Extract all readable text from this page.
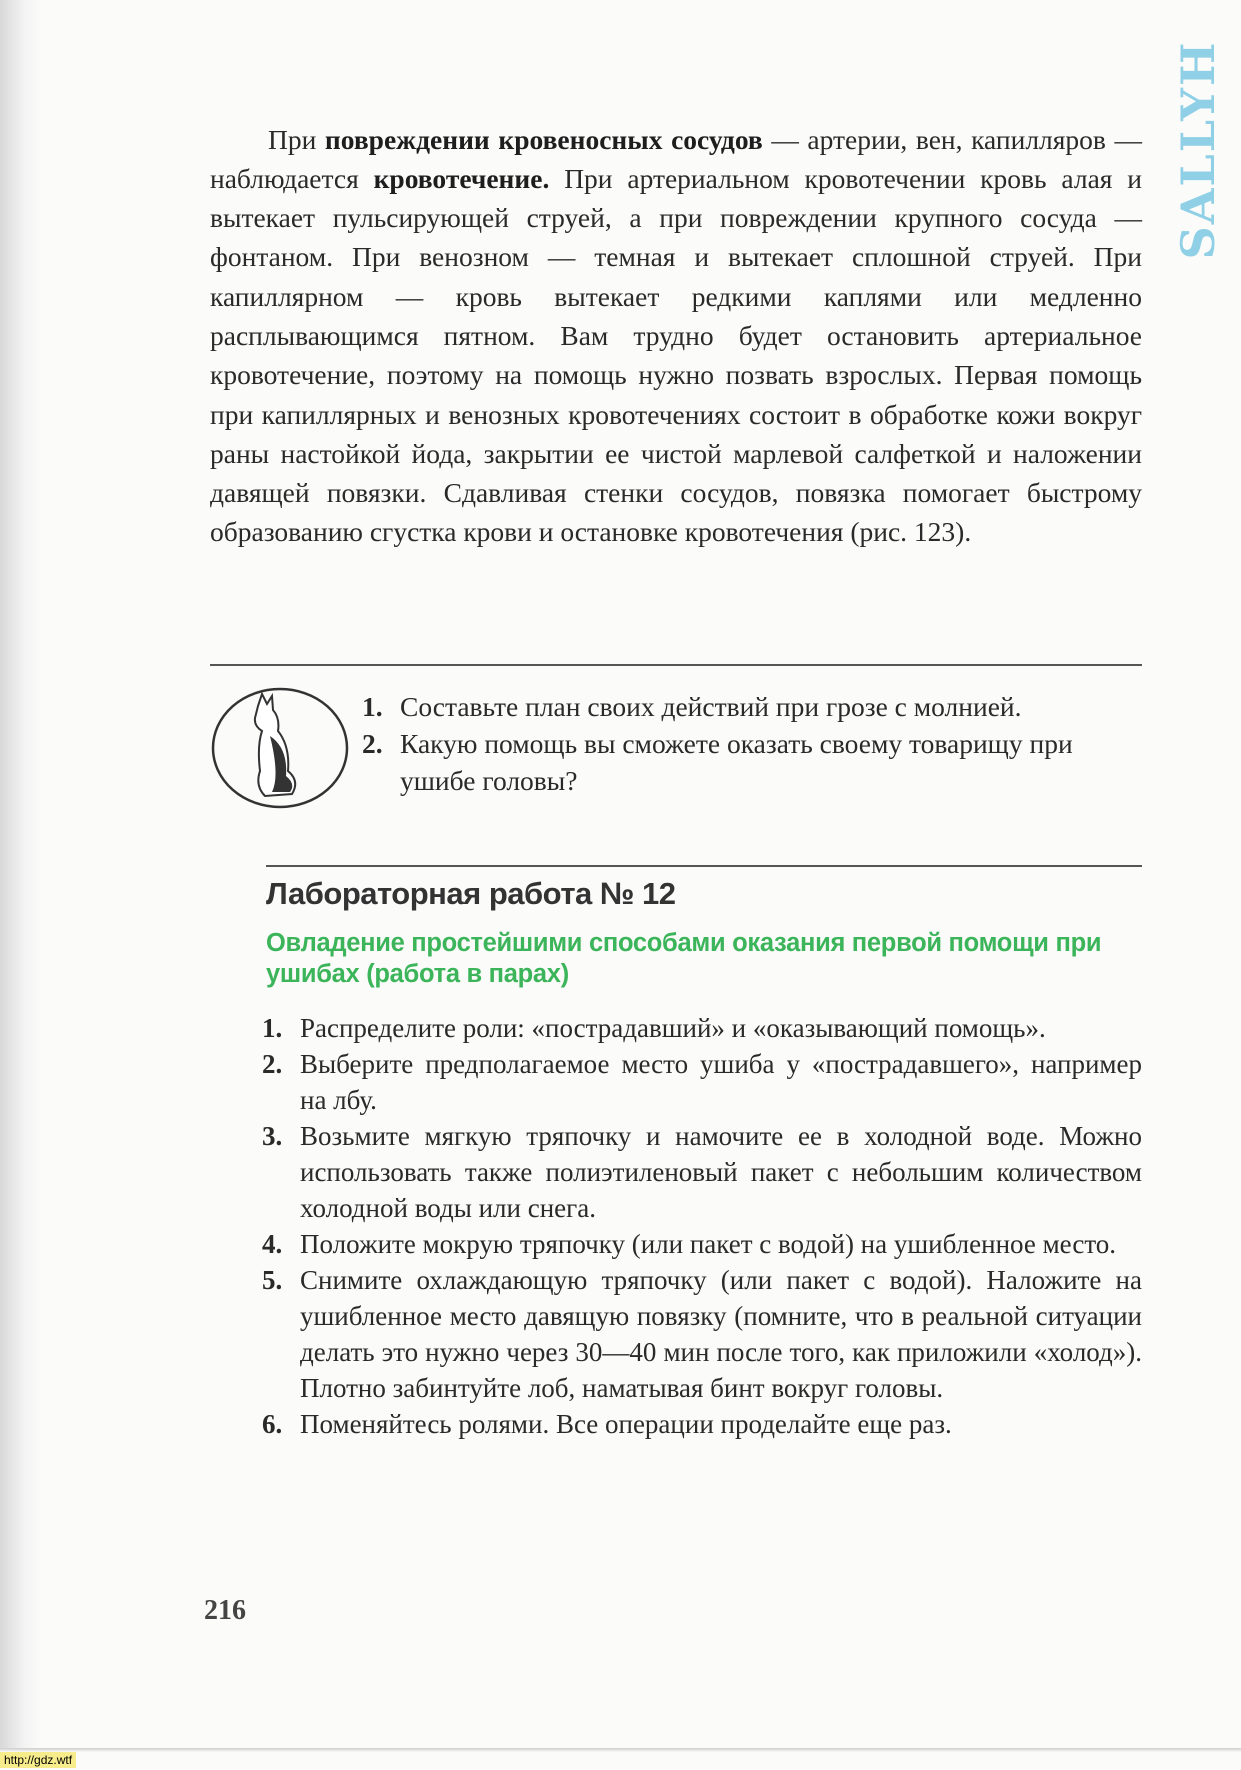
SALLYH

При повреждении кровеносных сосудов — артерии, вен, капилляров — наблюдается кровотечение. При артериальном кровотечении кровь алая и вытекает пульсирующей струей, а при повреждении крупного сосуда — фонтаном. При венозном — темная и вытекает сплошной струей. При капиллярном — кровь вытекает редкими каплями или медленно расплывающимся пятном. Вам трудно будет остановить артериальное кровотечение, поэтому на помощь нужно позвать взрослых. Первая помощь при капиллярных и венозных кровотечениях состоит в обработке кожи вокруг раны настойкой йода, закрытии ее чистой марлевой салфеткой и наложении давящей повязки. Сдавливая стенки сосудов, повязка помогает быстрому образованию сгустка крови и остановке кровотечения (рис. 123).

1. Составьте план своих действий при грозе с молнией.
2. Какую помощь вы сможете оказать своему товарищу при ушибе головы?
Лабораторная работа № 12
Овладение простейшими способами оказания первой помощи при ушибах (работа в парах)
1. Распределите роли: «пострадавший» и «оказывающий помощь».
2. Выберите предполагаемое место ушиба у «пострадавшего», например на лбу.
3. Возьмите мягкую тряпочку и намочите ее в холодной воде. Можно использовать также полиэтиленовый пакет с небольшим количеством холодной воды или снега.
4. Положите мокрую тряпочку (или пакет с водой) на ушибленное место.
5. Снимите охлаждающую тряпочку (или пакет с водой). Наложите на ушибленное место давящую повязку (помните, что в реальной ситуации делать это нужно через 30—40 мин после того, как приложили «холод»). Плотно забинтуйте лоб, наматывая бинт вокруг головы.
6. Поменяйтесь ролями. Все операции проделайте еще раз.
216
http://gdz.wtf
